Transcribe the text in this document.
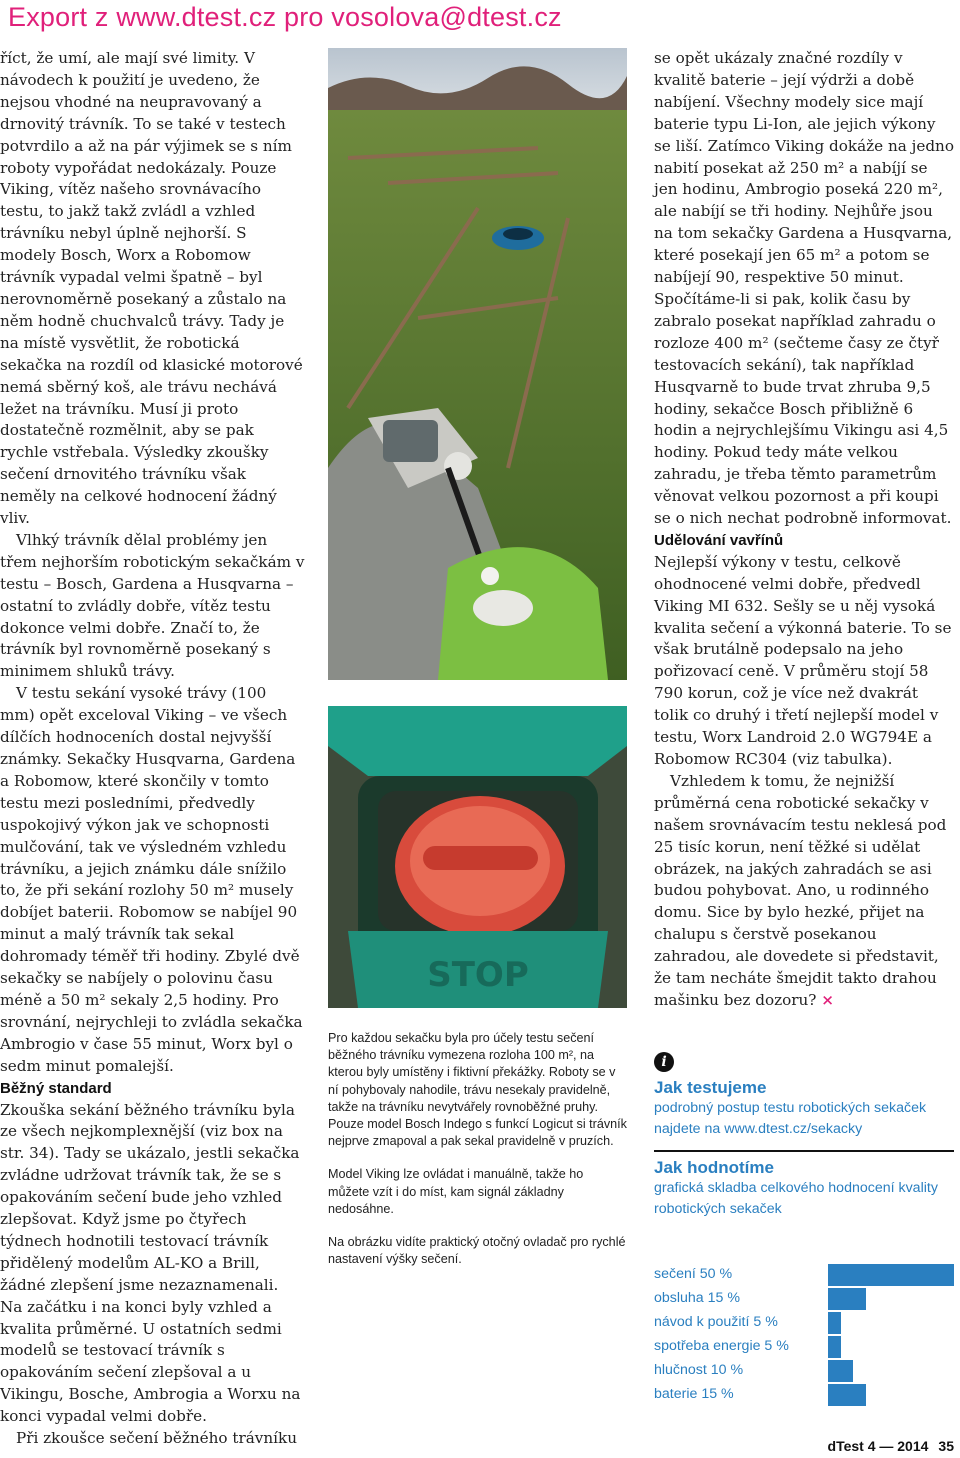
Export z www.dtest.cz pro vosolova@dtest.cz

říct, že umí, ale mají své limity. V návodech k použití je uvedeno, že nejsou vhodné na neupravovaný a drnovitý trávník. To se také v testech potvrdilo a až na pár výjimek se s ním roboty vypořádat nedokázaly. Pouze Viking, vítěz našeho srovnávacího testu, to jakž takž zvládl a vzhled trávníku nebyl úplně nejhorší. S modely Bosch, Worx a Robomow trávník vypadal velmi špatně – byl nerovnoměrně posekaný a zůstalo na něm hodně chuchvalců trávy. Tady je na místě vysvětlit, že robotická sekačka na rozdíl od klasické motorové nemá sběrný koš, ale trávu nechává ležet na trávníku. Musí ji proto dostatečně rozmělnit, aby se pak rychle vstřebala. Výsledky zkoušky sečení drnovitého trávníku však neměly na celkové hodnocení žádný vliv.

Vlhký trávník dělal problémy jen třem nejhorším robotickým sekačkám v testu – Bosch, Gardena a Husqvarna – ostatní to zvládly dobře, vítěz testu dokonce velmi dobře. Značí to, že trávník byl rovnoměrně posekaný s minimem shluků trávy.

V testu sekání vysoké trávy (100 mm) opět exceloval Viking – ve všech dílčích hodnoceních dostal nejvyšší známky. Sekačky Husqvarna, Gardena a Robomow, které skončily v tomto testu mezi posledními, předvedly uspokojivý výkon jak ve schopnosti mulčování, tak ve výsledném vzhledu trávníku, a jejich známku dále snížilo to, že při sekání rozlohy 50 m² musely dobíjet baterii. Robomow se nabíjel 90 minut a malý trávník tak sekal dohromady téměř tři hodiny. Zbylé dvě sekačky se nabíjely o polovinu času méně a 50 m² sekaly 2,5 hodiny. Pro srovnání, nejrychleji to zvládla sekačka Ambrogio v čase 55 minut, Worx byl o sedm minut pomalejší.

Běžný standard

Zkouška sekání běžného trávníku byla ze všech nejkomplexnější (viz box na str. 34). Tady se ukázalo, jestli sekačka zvládne udržovat trávník tak, že se s opakováním sečení bude jeho vzhled zlepšovat. Když jsme po čtyřech týdnech hodnotili testovací trávník přidělený modelům AL-KO a Brill, žádné zlepšení jsme nezaznamenali. Na začátku i na konci byly vzhled a kvalita průměrné. U ostatních sedmi modelů se testovací trávník s opakováním sečení zlepšoval a u Vikingu, Bosche, Ambrogia a Worxu na konci vypadal velmi dobře.

Při zkoušce sečení běžného trávníku

STOP

Pro každou sekačku byla pro účely testu sečení běžného trávníku vymezena rozloha 100 m², na kterou byly umístěny i fiktivní překážky. Roboty se v ní pohybovaly nahodile, trávu nesekaly pravidelně, takže na trávníku nevytvářely rovnoběžné pruhy. Pouze model Bosch Indego s funkcí Logicut si trávník nejprve zmapoval a pak sekal pravidelně v pruzích.

Model Viking lze ovládat i manuálně, takže ho můžete vzít i do míst, kam signál základny nedosáhne.

Na obrázku vidíte praktický otočný ovladač pro rychlé nastavení výšky sečení.

se opět ukázaly značné rozdíly v kvalitě baterie – její výdrži a době nabíjení. Všechny modely sice mají baterie typu Li-Ion, ale jejich výkony se liší. Zatímco Viking dokáže na jedno nabití posekat až 250 m² a nabíjí se jen hodinu, Ambrogio poseká 220 m², ale nabíjí se tři hodiny. Nejhůře jsou na tom sekačky Gardena a Husqvarna, které posekají jen 65 m² a potom se nabíjejí 90, respektive 50 minut. Spočítáme-li si pak, kolik času by zabralo posekat například zahradu o rozloze 400 m² (sečteme časy ze čtyř testovacích sekání), tak například Husqvarně to bude trvat zhruba 9,5 hodiny, sekačce Bosch přibližně 6 hodin a nejrychlejšímu Vikingu asi 4,5 hodiny. Pokud tedy máte velkou zahradu, je třeba těmto parametrům věnovat velkou pozornost a při koupi se o nich nechat podrobně informovat.

Udělování vavřínů

Nejlepší výkony v testu, celkově ohodnocené velmi dobře, předvedl Viking MI 632. Sešly se u něj vysoká kvalita sečení a výkonná baterie. To se však brutálně podepsalo na jeho pořizovací ceně. V průměru stojí 58 790 korun, což je více než dvakrát tolik co druhý i třetí nejlepší model v testu, Worx Landroid 2.0 WG794E a Robomow RC304 (viz tabulka).

Vzhledem k tomu, že nejnižší průměrná cena robotické sekačky v našem srovnávacím testu neklesá pod 25 tisíc korun, není těžké si udělat obrázek, na jakých zahradách se asi budou pohybovat. Ano, u rodinného domu. Sice by bylo hezké, přijet na chalupu s čerstvě posekanou zahradou, ale dovedete si představit, že tam necháte šmejdit takto drahou mašinku bez dozoru? ×

i
Jak testujeme
podrobný postup testu robotických sekaček najdete na www.dtest.cz/sekacky
Jak hodnotíme
grafická skladba celkového hodnocení kvality robotických sekaček
sečení 50 %
obsluha 15 %
návod k použití 5 %
spotřeba energie 5 %
hlučnost 10 %
baterie 15 %
dTest 4 — 2014 35
